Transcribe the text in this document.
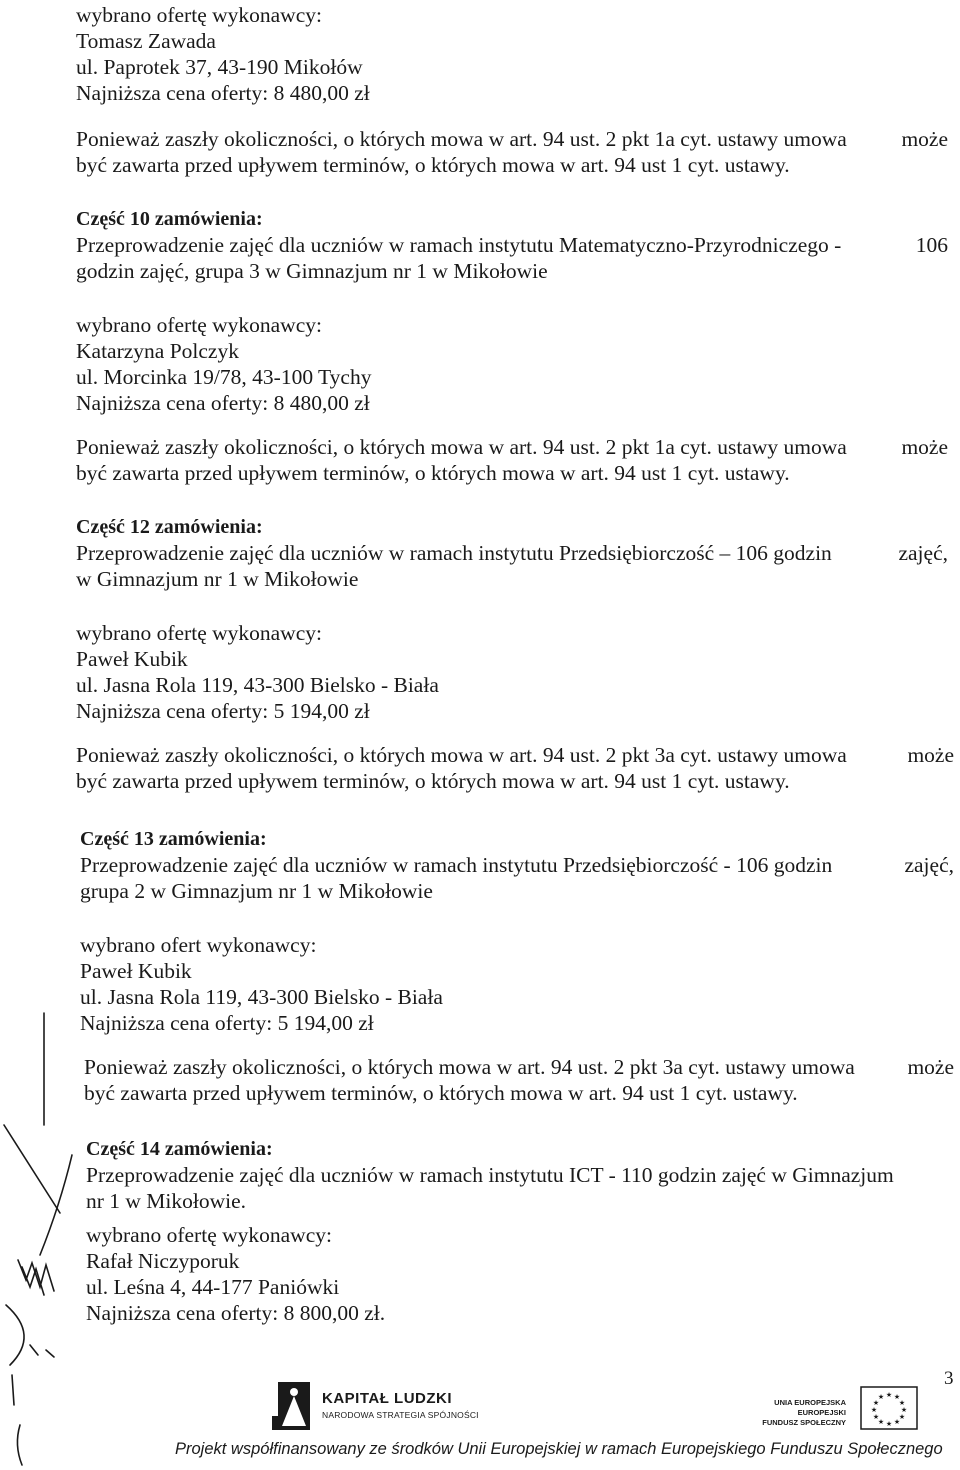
wybrano ofertę wykonawcy:
Tomasz Zawada
ul. Paprotek 37, 43-190 Mikołów
Najniższa cena oferty: 8 480,00 zł
Ponieważ zaszły okoliczności, o których mowa w art. 94 ust. 2 pkt 1a cyt. ustawy umowa	może
być zawarta przed upływem terminów, o których mowa w art. 94 ust 1 cyt. ustawy.
Część 10 zamówienia:
Przeprowadzenie zajęć dla uczniów w ramach instytutu Matematyczno-Przyrodniczego -	106
godzin zajęć, grupa 3 w Gimnazjum nr 1 w Mikołowie
wybrano ofertę wykonawcy:
Katarzyna Polczyk
ul. Morcinka 19/78, 43-100 Tychy
Najniższa cena oferty: 8 480,00 zł
Ponieważ zaszły okoliczności, o których mowa w art. 94 ust. 2 pkt 1a cyt. ustawy umowa	może
być zawarta przed upływem terminów, o których mowa w art. 94 ust 1 cyt. ustawy.
Część 12 zamówienia:
Przeprowadzenie zajęć dla uczniów w ramach instytutu Przedsiębiorczość – 106 godzin	zajęć,
w Gimnazjum nr 1 w Mikołowie
wybrano ofertę wykonawcy:
Paweł Kubik
ul. Jasna Rola 119, 43-300 Bielsko - Biała
Najniższa cena oferty: 5 194,00 zł
Ponieważ zaszły okoliczności, o których mowa w art. 94 ust. 2 pkt 3a cyt. ustawy umowa	może
być zawarta przed upływem terminów, o których mowa w art. 94 ust 1 cyt. ustawy.
Część 13 zamówienia:
Przeprowadzenie zajęć dla uczniów w ramach instytutu Przedsiębiorczość - 106 godzin	zajęć,
grupa 2 w Gimnazjum nr 1 w Mikołowie
wybrano ofert wykonawcy:
Paweł Kubik
ul. Jasna Rola 119, 43-300 Bielsko - Biała
Najniższa cena oferty: 5 194,00 zł
Ponieważ zaszły okoliczności, o których mowa w art. 94 ust. 2 pkt 3a cyt. ustawy umowa może
być zawarta przed upływem terminów, o których mowa w art. 94 ust 1 cyt. ustawy.
Część 14 zamówienia:
Przeprowadzenie zajęć dla uczniów w ramach instytutu ICT - 110 godzin zajęć w Gimnazjum
nr 1 w Mikołowie.
wybrano ofertę wykonawcy:
Rafał Niczyporuk
ul. Leśna 4, 44-177 Paniówki
Najniższa cena oferty: 8 800,00 zł.
3
KAPITAŁ LUDZKI
NARODOWA STRATEGIA SPÓJNOŚCI
UNIA EUROPEJSKA
EUROPEJSKI
FUNDUSZ SPOŁECZNY
★ ★
★
★
★
★
★
★
★
★
★
★
Projekt współfinansowany ze środków Unii Europejskiej w ramach Europejskiego Funduszu Społecznego
